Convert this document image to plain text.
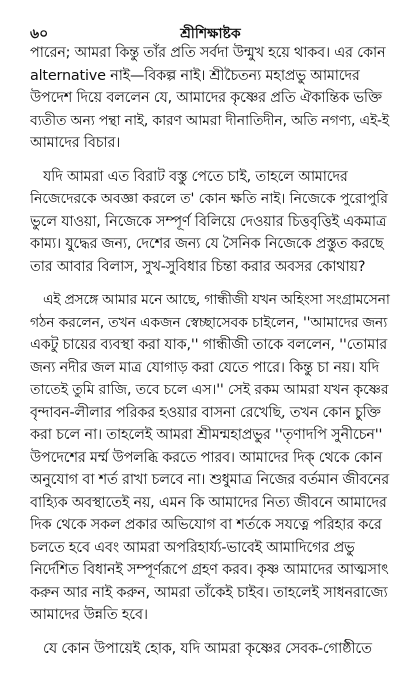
৬০	শ্রীশিক্ষাষ্টক
পারেন; আমরা কিন্তু তাঁর প্রতি সর্বদা উন্মুখ হয়ে থাকব। এর কোন
alternative নাই—বিকল্প নাই। শ্রীচৈতন্য মহাপ্রভু আমাদের
উপদেশ দিয়ে বললেন যে, আমাদের কৃষ্ণের প্রতি ঐকান্তিক ভক্তি
ব্যতীত অন্য পন্থা নাই, কারণ আমরা দীনাতিদীন, অতি নগণ্য, এই-ই
আমাদের বিচার।
যদি আমরা এত বিরাট বস্তু পেতে চাই, তাহলে আমাদের
নিজেদেরকে অবজ্ঞা করলে ত' কোন ক্ষতি নাই। নিজেকে পুরোপুরি
ভুলে যাওয়া, নিজেকে সম্পূর্ণ বিলিয়ে দেওয়ার চিত্তবৃত্তিই একমাত্র
কাম্য। যুদ্ধের জন্য, দেশের জন্য যে সৈনিক নিজেকে প্রস্তুত করছে
তার আবার বিলাস, সুখ-সুবিধার চিন্তা করার অবসর কোথায়?
এই প্রসঙ্গে আমার মনে আছে, গান্ধীজী যখন অহিংসা সংগ্রামসেনা
গঠন করলেন, তখন একজন স্বেচ্ছাসেবক চাইলেন, ''আমাদের জন্য
একটু চায়ের ব্যবস্থা করা যাক,'' গান্ধীজী তাকে বললেন, ''তোমার
জন্য নদীর জল মাত্র যোগাড় করা যেতে পারে। কিন্তু চা নয়। যদি
তাতেই তুমি রাজি, তবে চলে এস।'' সেই রকম আমরা যখন কৃষ্ণের
বৃন্দাবন-লীলার পরিকর হওয়ার বাসনা রেখেছি, তখন কোন চুক্তি
করা চলে না। তাহলেই আমরা শ্রীমন্মহাপ্রভুর ''তৃণাদপি সুনীচেন''
উপদেশের মর্ম্ম উপলব্ধি করতে পারব। আমাদের দিক্ থেকে কোন
অনুযোগ বা শর্ত রাখা চলবে না। শুধুমাত্র নিজের বর্তমান জীবনের
বাহ্যিক অবস্থাতেই নয়, এমন কি আমাদের নিত্য জীবনে আমাদের
দিক থেকে সকল প্রকার অভিযোগ বা শর্তকে সযত্নে পরিহার করে
চলতে হবে এবং আমরা অপরিহার্য্য-ভাবেই আমাদিগের প্রভু
নির্দেশিত বিধানই সম্পূর্ণরূপে গ্রহণ করব। কৃষ্ণ আমাদের আত্মসাৎ
করুন আর নাই করুন, আমরা তাঁকেই চাইব। তাহলেই সাধনরাজ্যে
আমাদের উন্নতি হবে।
যে কোন উপায়েই হোক, যদি আমরা কৃষ্ণের সেবক-গোষ্ঠীতে
